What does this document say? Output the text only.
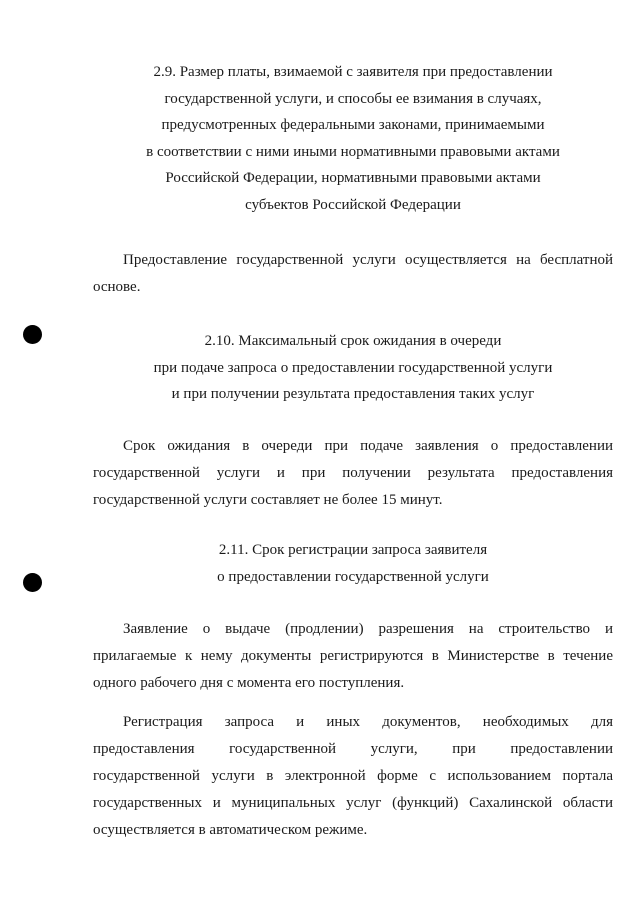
2.9. Размер платы, взимаемой с заявителя при предоставлении
государственной услуги, и способы ее взимания в случаях,
предусмотренных федеральными законами, принимаемыми
в соответствии с ними иными нормативными правовыми актами
Российской Федерации, нормативными правовыми актами
субъектов Российской Федерации
Предоставление государственной услуги осуществляется на бесплатной
основе.
2.10. Максимальный срок ожидания в очереди
при подаче запроса о предоставлении государственной услуги
и при получении результата предоставления таких услуг
Срок ожидания в очереди при подаче заявления о предоставлении
государственной услуги и при получении результата предоставления
государственной услуги составляет не более 15 минут.
2.11. Срок регистрации запроса заявителя
о предоставлении государственной услуги
Заявление о выдаче (продлении) разрешения на строительство и
прилагаемые к нему документы регистрируются в Министерстве в течение
одного рабочего дня с момента его поступления.
Регистрация запроса и иных документов, необходимых для
предоставления государственной услуги, при предоставлении
государственной услуги в электронной форме с использованием портала
государственных и муниципальных услуг (функций) Сахалинской области
осуществляется в автоматическом режиме.
